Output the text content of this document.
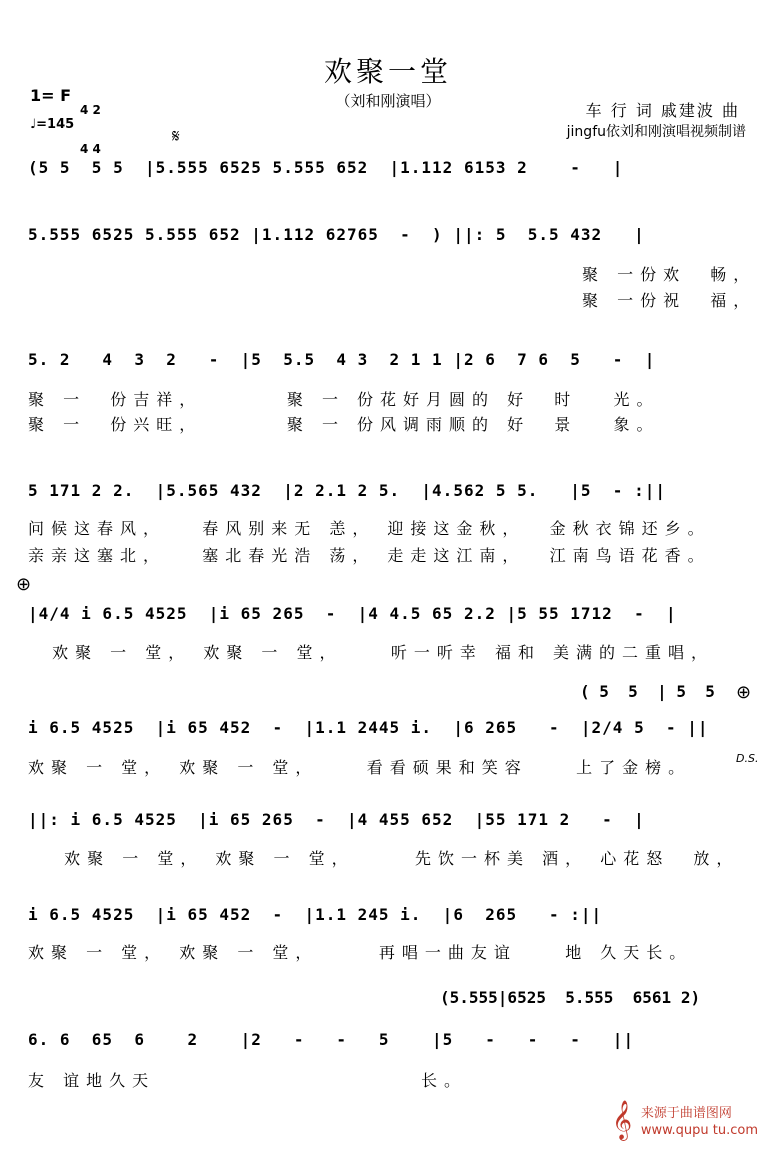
欢聚一堂
（刘和刚演唱）
1= F

4 2

4 4

♩=145
车 行 词 戚建波 曲
jingfu依刘和刚演唱视频制谱
𝄋
(5 5  5 5  |5.555 6525 5.555 652  |1.112 6153 2    -   |
5.555 6525 5.555 652 |1.112 62765  -  ) ||: 5  5.5 432   |
聚 一份欢  畅，
聚 一份祝  福，
5. 2   4  3  2   -  |5  5.5  4 3  2 1 1 |2 6  7 6  5   -  |
聚 一  份吉祥，       聚 一 份花好月圆的 好  时   光。
聚 一  份兴旺，       聚 一 份风调雨顺的 好  景   象。
5 171 2 2.  |5.565 432  |2 2.1 2 5.  |4.562 5 5.   |5  - :||
问候这春风，   春风别来无 恙， 迎接这金秋，  金秋衣锦还乡。
亲亲这塞北，   塞北春光浩 荡， 走走这江南，  江南鸟语花香。
⊕
|4/4 i 6.5 4525  |i 65 265  -  |4 4.5 65 2.2 |5 55 1712  -  |
欢聚 一 堂， 欢聚 一 堂，    听一听幸 福和 美满的二重唱，
( 5  5  | 5  5 ⊕
i 6.5 4525  |i 65 452  -  |1.1 2445 i.  |6 265   -  |2/4 5  - ||
欢聚 一 堂， 欢聚 一 堂，    看看硕果和笑容    上了金榜。	D.S.
||: i 6.5 4525  |i 65 265  -  |4 455 652  |55 171 2   -  |
欢聚 一 堂， 欢聚 一 堂，     先饮一杯美 酒， 心花怒  放，
i 6.5 4525  |i 65 452  -  |1.1 245 i.  |6  265   - :||
欢聚 一 堂， 欢聚 一 堂，     再唱一曲友谊    地 久天长。
(5.555|6525  5.555  6561 2)
6. 6  65  6    2    |2   -   -   5    |5   -   -   -   ||
友 谊地久天                      长。
𝄞 来源于曲谱图网
www.qupu tu.com
